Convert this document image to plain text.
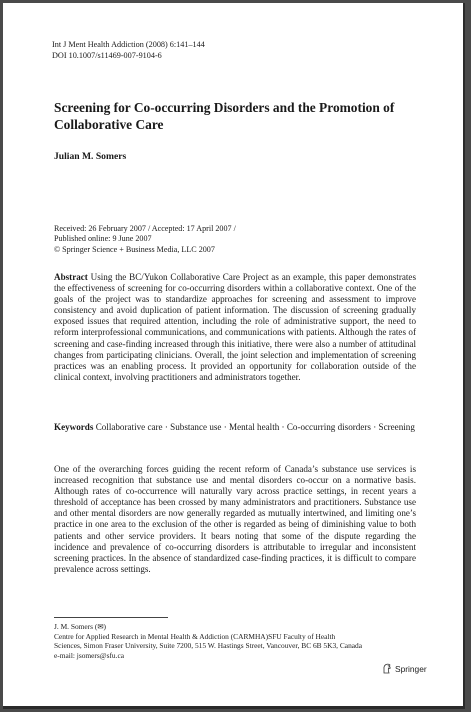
Int J Ment Health Addiction (2008) 6:141–144
DOI 10.1007/s11469-007-9104-6
Screening for Co-occurring Disorders and the Promotion of Collaborative Care
Julian M. Somers
Received: 26 February 2007 / Accepted: 17 April 2007 /
Published online: 9 June 2007
© Springer Science + Business Media, LLC 2007
Abstract Using the BC/Yukon Collaborative Care Project as an example, this paper demonstrates the effectiveness of screening for co-occurring disorders within a collaborative context. One of the goals of the project was to standardize approaches for screening and assessment to improve consistency and avoid duplication of patient information. The discussion of screening gradually exposed issues that required attention, including the role of administrative support, the need to reform interprofessional communications, and communications with patients. Although the rates of screening and case-finding increased through this initiative, there were also a number of attitudinal changes from participating clinicians. Overall, the joint selection and implementation of screening practices was an enabling process. It provided an opportunity for collaboration outside of the clinical context, involving practitioners and administrators together.
Keywords Collaborative care · Substance use · Mental health · Co-occurring disorders · Screening
One of the overarching forces guiding the recent reform of Canada’s substance use services is increased recognition that substance use and mental disorders co-occur on a normative basis. Although rates of co-occurrence will naturally vary across practice settings, in recent years a threshold of acceptance has been crossed by many administrators and practitioners. Substance use and other mental disorders are now generally regarded as mutually intertwined, and limiting one’s practice in one area to the exclusion of the other is regarded as being of diminishing value to both patients and other service providers. It bears noting that some of the dispute regarding the incidence and prevalence of co-occurring disorders is attributable to irregular and inconsistent screening practices. In the absence of standardized case-finding practices, it is difficult to compare prevalence across settings.
J. M. Somers (✉)
Centre for Applied Research in Mental Health & Addiction (CARMHA)SFU Faculty of Health
Sciences, Simon Fraser University, Suite 7200, 515 W. Hastings Street, Vancouver, BC 6B 5K3, Canada
e-mail: jsomers@sfu.ca
Springer
